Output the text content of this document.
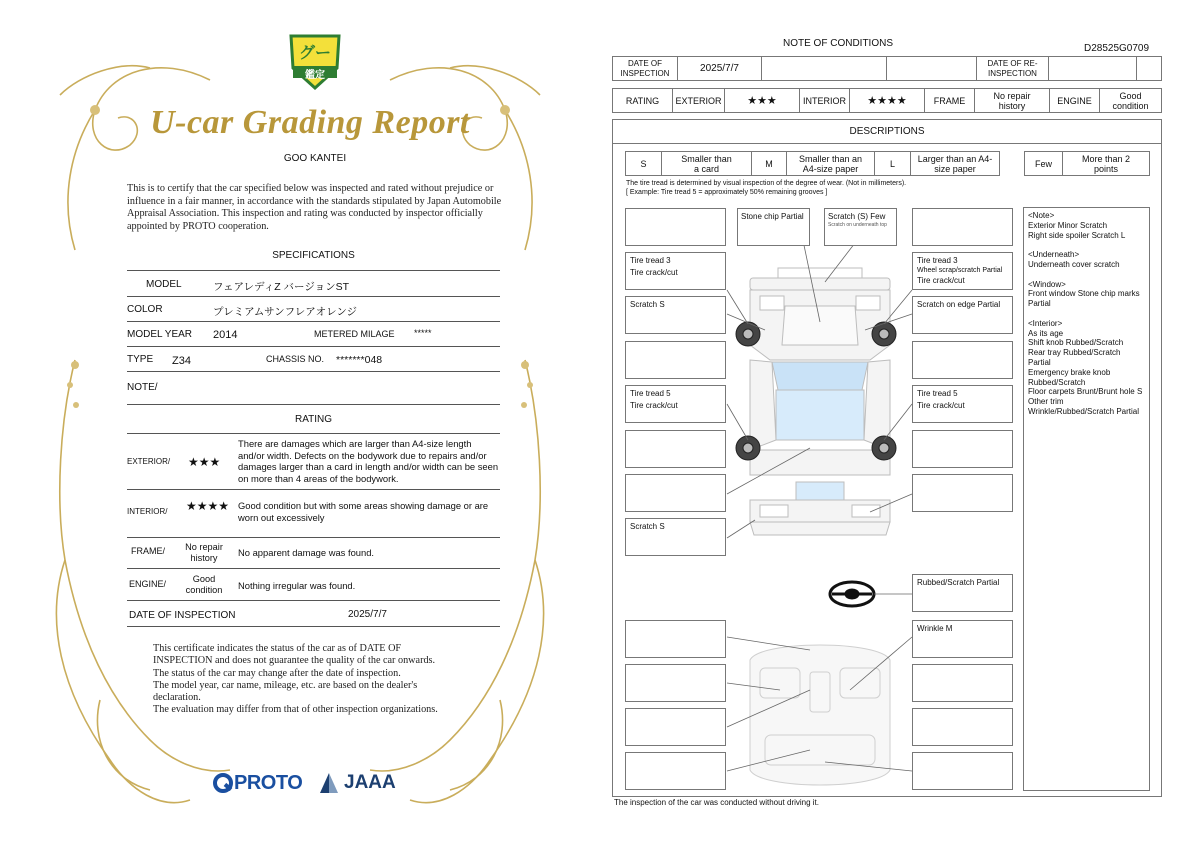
グー
鑑定
U-car Grading Report
GOO KANTEI
This is to certify that the car specified below was inspected and rated without prejudice or influence in a fair manner, in accordance with the standards stipulated by Japan Automobile Appraisal Association. This inspection and rating was conducted by inspector officially appointed by PROTO cooperation.
SPECIFICATIONS
MODEL	フェアレディZ バージョンST
COLOR	プレミアムサンフレアオレンジ
MODEL YEAR 2014	METERED MILAGE *****
TYPE Z34	CHASSIS NO. *******048
NOTE/
RATING
EXTERIOR/ ★★★
There are damages which are larger than A4-size length and/or width. Defects on the bodywork due to repairs and/or damages larger than a card in length and/or width can be seen on more than 4 areas of the bodywork.
INTERIOR/ ★★★★ Good condition but with some areas showing damage or are worn out excessively
FRAME/	No repair history	No apparent damage was found.
ENGINE/	Good condition	Nothing irregular was found.
DATE OF INSPECTION	2025/7/7
This certificate indicates the status of the car as of DATE OF
INSPECTION and does not guarantee the quality of the car onwards.
The status of the car may change after the date of inspection.
The model year, car name, mileage, etc. are based on the dealer's
declaration.
The evaluation may differ from that of other inspection organizations.
PROTO JAAA
NOTE OF CONDITIONS	D28525G0709
DATE OF INSPECTION	2025/7/7	DATE OF RE-INSPECTION
RATING	EXTERIOR	★★★	INTERIOR	★★★★	FRAME	No repair history	ENGINE	Good condition
DESCRIPTIONS
S	Smaller than a card	M	Smaller than an A4-size paper	L	Larger than an A4-size paper	Few	More than 2 points
The tire tread is determined by visual inspection of the degree of wear. (Not in millimeters).
[ Example: Tire tread 5 = approximately 50% remaining grooves ]
Tire tread 3
Tire crack/cut
Scratch S
Tire tread 5
Tire crack/cut
Scratch S
Stone chip Partial	Scratch (S) Few
Scratch on underneath top
Tire tread 3
Wheel scrap/scratch Partial
Tire crack/cut
Scratch on edge Partial
Tire tread 5
Tire crack/cut
Rubbed/Scratch Partial
Wrinkle M
<Note>
Exterior Minor Scratch
Right side spoiler Scratch L
<Underneath>
Underneath cover scratch
<Window>
Front window Stone chip marks Partial
<Interior>
As its age
Shift knob Rubbed/Scratch
Rear tray Rubbed/Scratch Partial
Emergency brake knob Rubbed/Scratch
Floor carpets Brunt/Brunt hole S
Other trim
Wrinkle/Rubbed/Scratch Partial
The inspection of the car was conducted without driving it.
